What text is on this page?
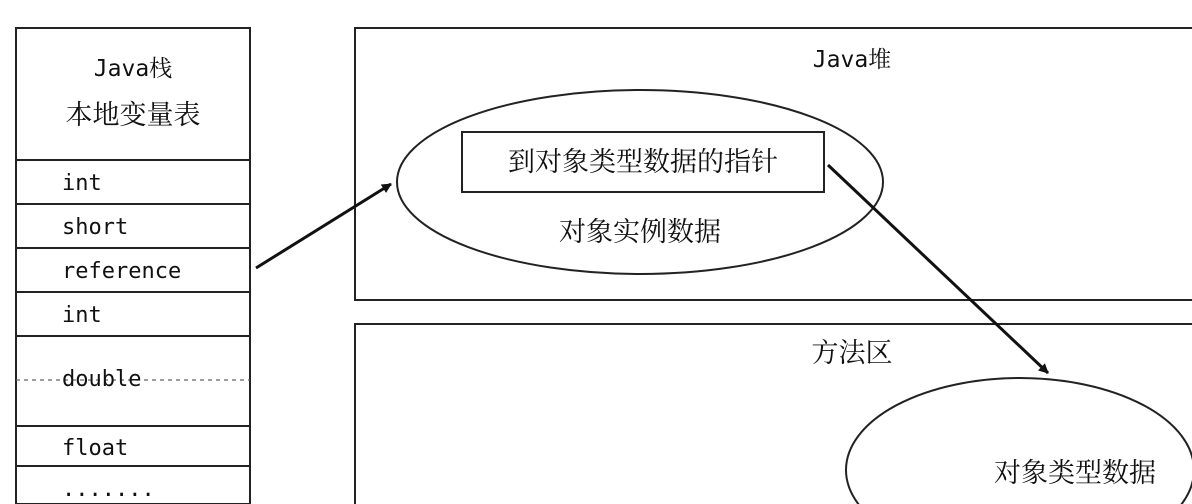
Java栈
本地变量表
int
short
reference
int
double
float
.......
Java堆
到对象类型数据的指针
对象实例数据
方法区
对象类型数据
